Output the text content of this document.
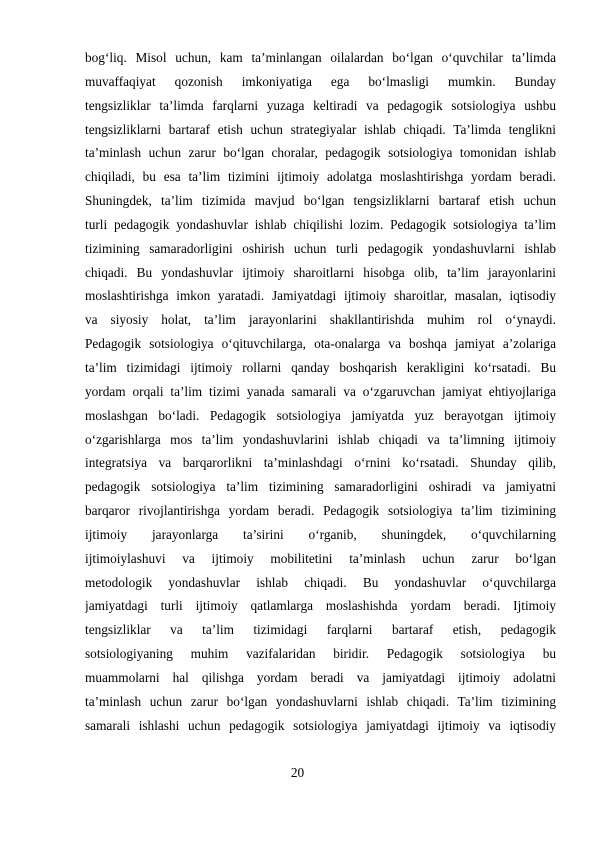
bog‘liq. Misol uchun, kam ta’minlangan oilalardan bo‘lgan o‘quvchilar ta’limda
muvaffaqiyat qozonish imkoniyatiga ega bo‘lmasligi mumkin. Bunday
tengsizliklar ta’limda farqlarni yuzaga keltiradi va pedagogik sotsiologiya ushbu
tengsizliklarni bartaraf etish uchun strategiyalar ishlab chiqadi. Ta’limda tenglikni
ta’minlash uchun zarur bo‘lgan choralar, pedagogik sotsiologiya tomonidan ishlab
chiqiladi, bu esa ta’lim tizimini ijtimoiy adolatga moslashtirishga yordam beradi.
Shuningdek, ta’lim tizimida mavjud bo‘lgan tengsizliklarni bartaraf etish uchun
turli pedagogik yondashuvlar ishlab chiqilishi lozim. Pedagogik sotsiologiya ta’lim
tizimining samaradorligini oshirish uchun turli pedagogik yondashuvlarni ishlab
chiqadi. Bu yondashuvlar ijtimoiy sharoitlarni hisobga olib, ta’lim jarayonlarini
moslashtirishga imkon yaratadi. Jamiyatdagi ijtimoiy sharoitlar, masalan, iqtisodiy
va siyosiy holat, ta’lim jarayonlarini shakllantirishda muhim rol o‘ynaydi.
Pedagogik sotsiologiya o‘qituvchilarga, ota-onalarga va boshqa jamiyat a’zolariga
ta’lim tizimidagi ijtimoiy rollarni qanday boshqarish kerakligini ko‘rsatadi. Bu
yordam orqali ta’lim tizimi yanada samarali va o‘zgaruvchan jamiyat ehtiyojlariga
moslashgan bo‘ladi. Pedagogik sotsiologiya jamiyatda yuz berayotgan ijtimoiy
o‘zgarishlarga mos ta’lim yondashuvlarini ishlab chiqadi va ta’limning ijtimoiy
integratsiya va barqarorlikni ta’minlashdagi o‘rnini ko‘rsatadi. Shunday qilib,
pedagogik sotsiologiya ta’lim tizimining samaradorligini oshiradi va jamiyatni
barqaror rivojlantirishga yordam beradi. Pedagogik sotsiologiya ta’lim tizimining
ijtimoiy jarayonlarga ta’sirini o‘rganib, shuningdek, o‘quvchilarning
ijtimoiylashuvi va ijtimoiy mobilitetini ta’minlash uchun zarur bo‘lgan
metodologik yondashuvlar ishlab chiqadi. Bu yondashuvlar o‘quvchilarga
jamiyatdagi turli ijtimoiy qatlamlarga moslashishda yordam beradi. Ijtimoiy
tengsizliklar va ta’lim tizimidagi farqlarni bartaraf etish, pedagogik
sotsiologiyaning muhim vazifalaridan biridir. Pedagogik sotsiologiya bu
muammolarni hal qilishga yordam beradi va jamiyatdagi ijtimoiy adolatni
ta’minlash uchun zarur bo‘lgan yondashuvlarni ishlab chiqadi. Ta’lim tizimining
samarali ishlashi uchun pedagogik sotsiologiya jamiyatdagi ijtimoiy va iqtisodiy

20
